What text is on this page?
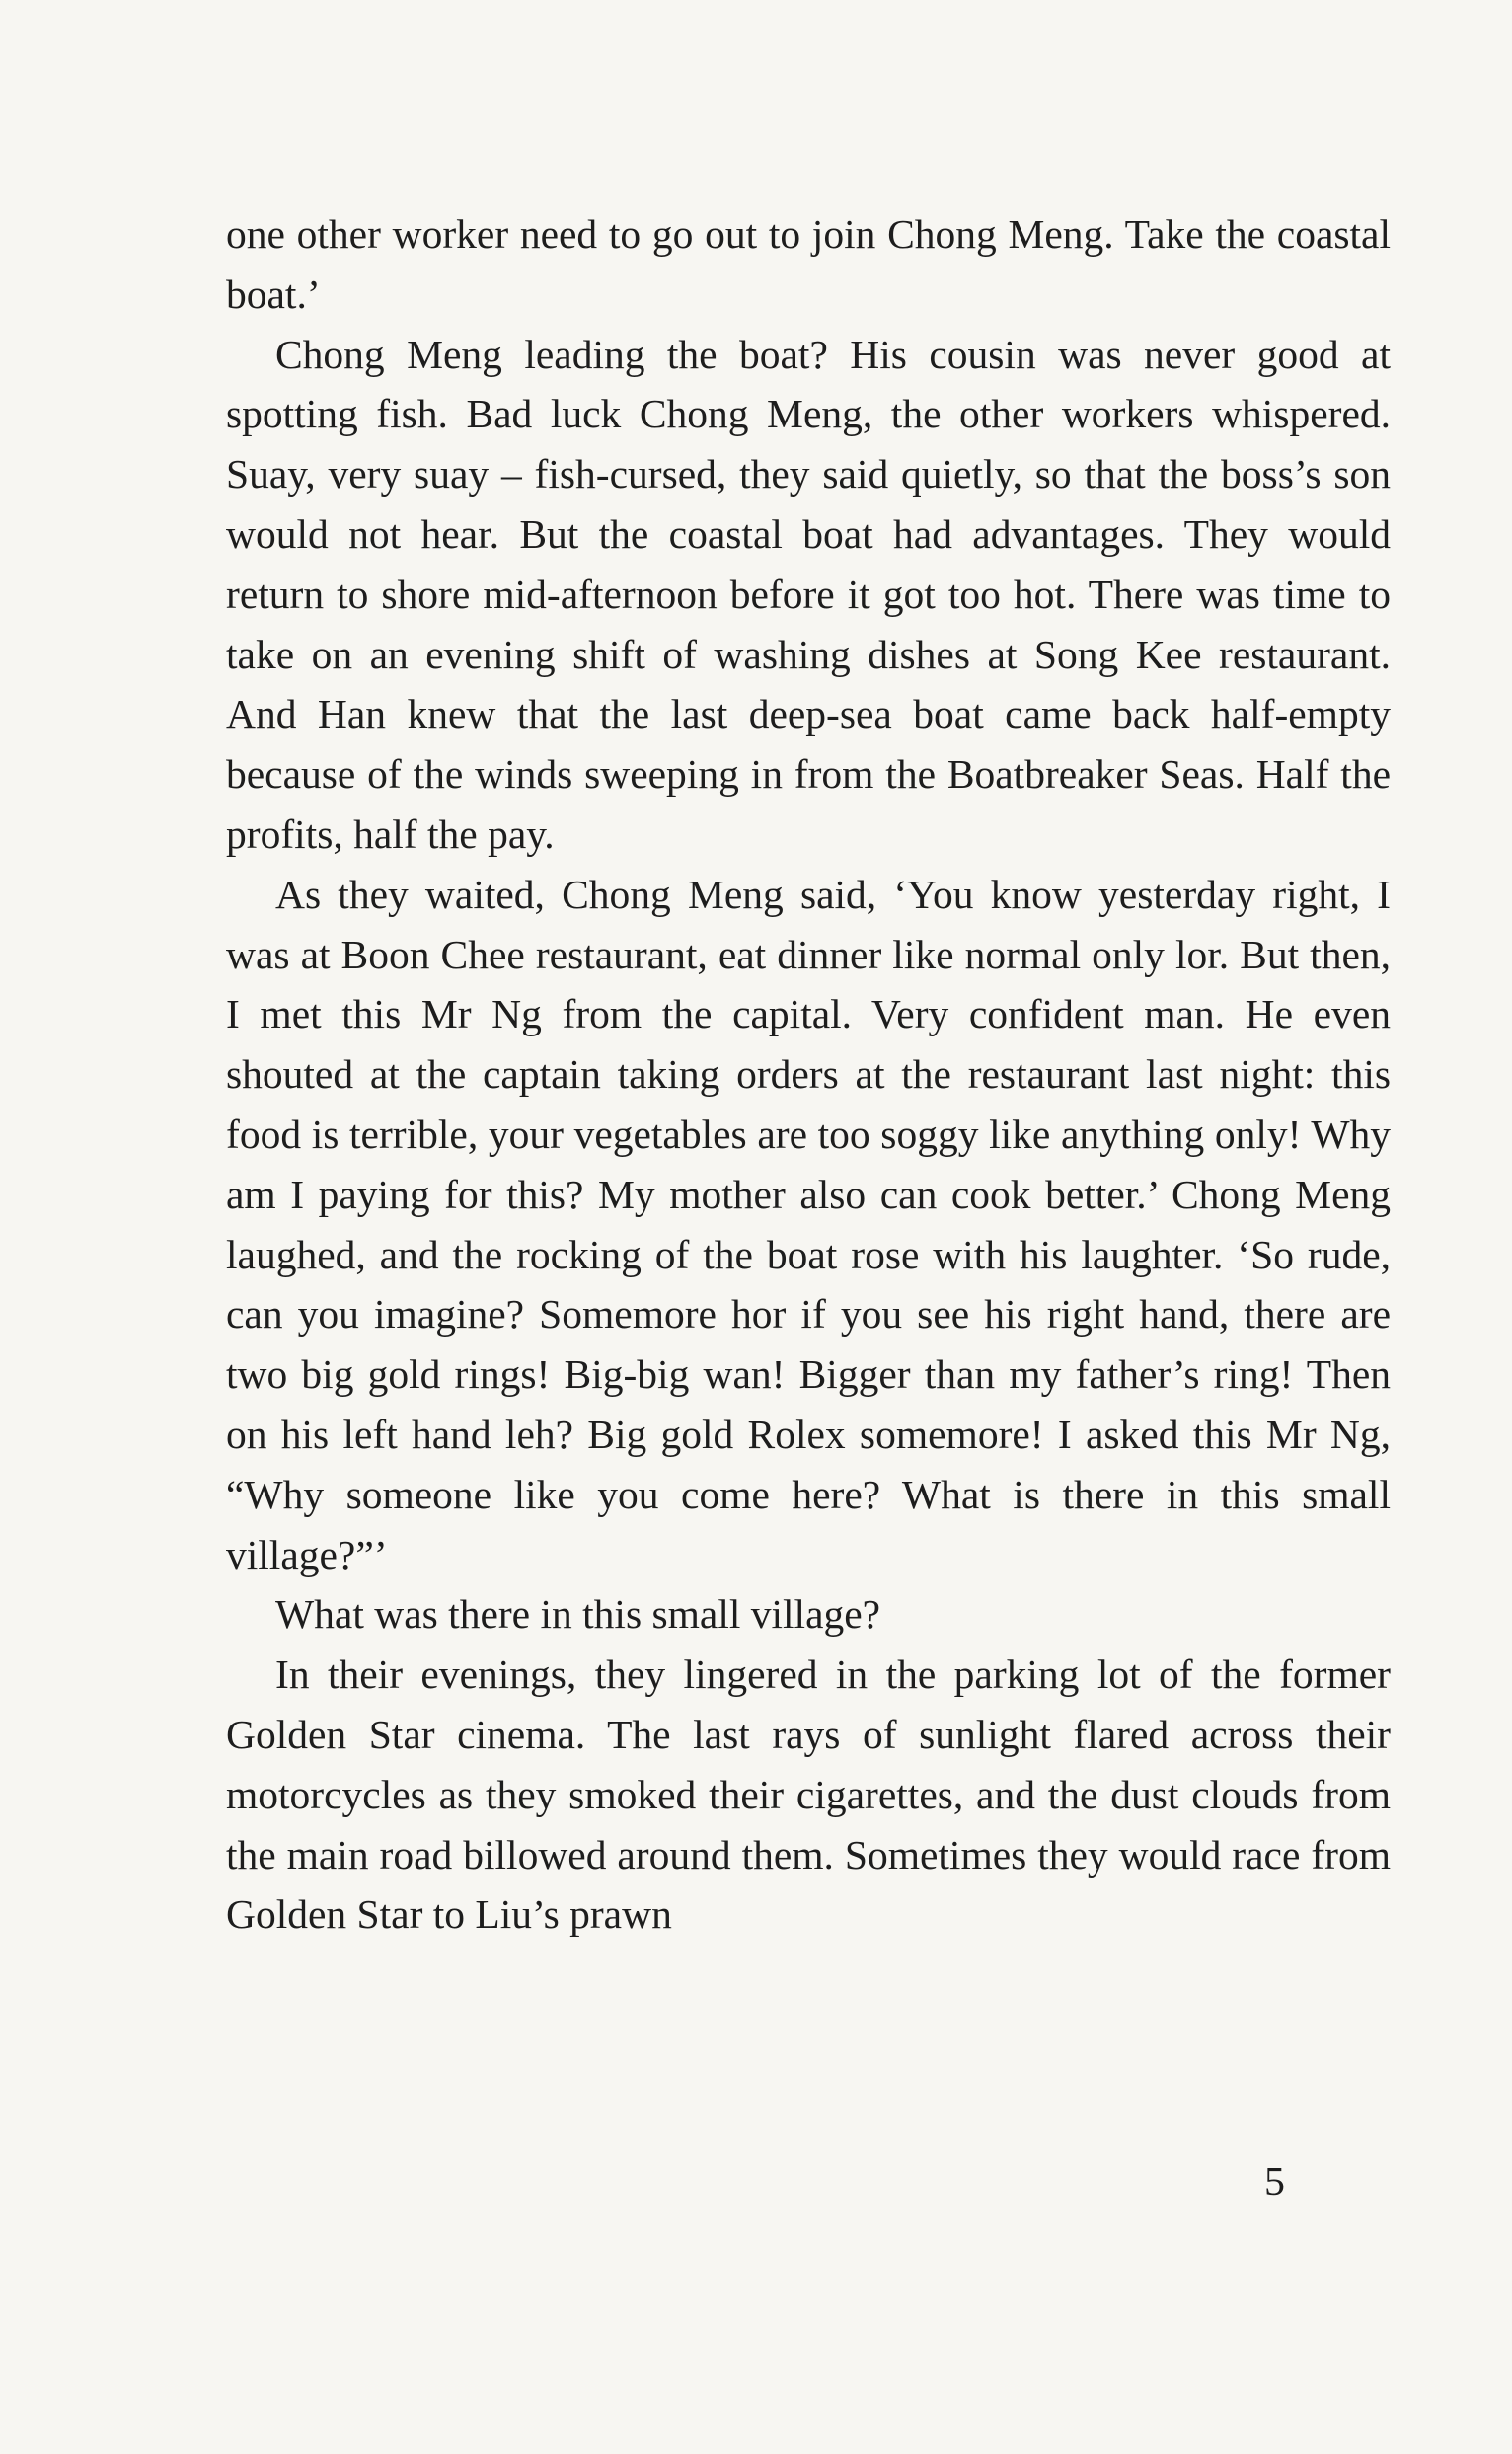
one other worker need to go out to join Chong Meng. Take the coastal boat.’

Chong Meng leading the boat? His cousin was never good at spotting fish. Bad luck Chong Meng, the other workers whispered. Suay, very suay – fish-cursed, they said quietly, so that the boss’s son would not hear. But the coastal boat had advantages. They would return to shore mid-afternoon before it got too hot. There was time to take on an evening shift of washing dishes at Song Kee restaurant. And Han knew that the last deep-sea boat came back half-empty because of the winds sweeping in from the Boatbreaker Seas. Half the profits, half the pay.

As they waited, Chong Meng said, ‘You know yesterday right, I was at Boon Chee restaurant, eat dinner like normal only lor. But then, I met this Mr Ng from the capital. Very confident man. He even shouted at the captain taking orders at the restaurant last night: this food is terrible, your vegetables are too soggy like anything only! Why am I paying for this? My mother also can cook better.’ Chong Meng laughed, and the rocking of the boat rose with his laughter. ‘So rude, can you imagine? Somemore hor if you see his right hand, there are two big gold rings! Big-big wan! Bigger than my father’s ring! Then on his left hand leh? Big gold Rolex somemore! I asked this Mr Ng, “Why someone like you come here? What is there in this small village?”’

What was there in this small village?

In their evenings, they lingered in the parking lot of the former Golden Star cinema. The last rays of sunlight flared across their motorcycles as they smoked their cigarettes, and the dust clouds from the main road billowed around them. Sometimes they would race from Golden Star to Liu’s prawn

5
